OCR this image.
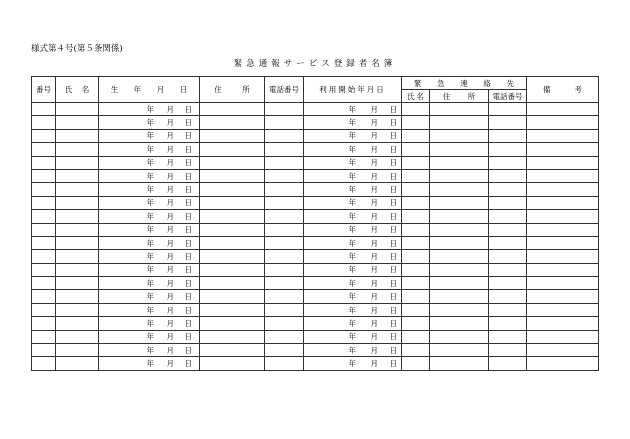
様式第４号(第５条関係)
緊急通報サービス登録者名簿
番号	氏 名	生 年 月 日	住 所	電話番号	利用開始年月日	緊 急 連 絡 先			備 考

						氏 名	住 所	電話番号	

		年 月 日			年 月 日				

		年 月 日			年 月 日				

		年 月 日			年 月 日				

		年 月 日			年 月 日				

		年 月 日			年 月 日				

		年 月 日			年 月 日				

		年 月 日			年 月 日				

		年 月 日			年 月 日				

		年 月 日			年 月 日				

		年 月 日			年 月 日				

		年 月 日			年 月 日				

		年 月 日			年 月 日				

		年 月 日			年 月 日				

		年 月 日			年 月 日				

		年 月 日			年 月 日				

		年 月 日			年 月 日				

		年 月 日			年 月 日				

		年 月 日			年 月 日				

		年 月 日			年 月 日				

		年 月 日			年 月 日				
